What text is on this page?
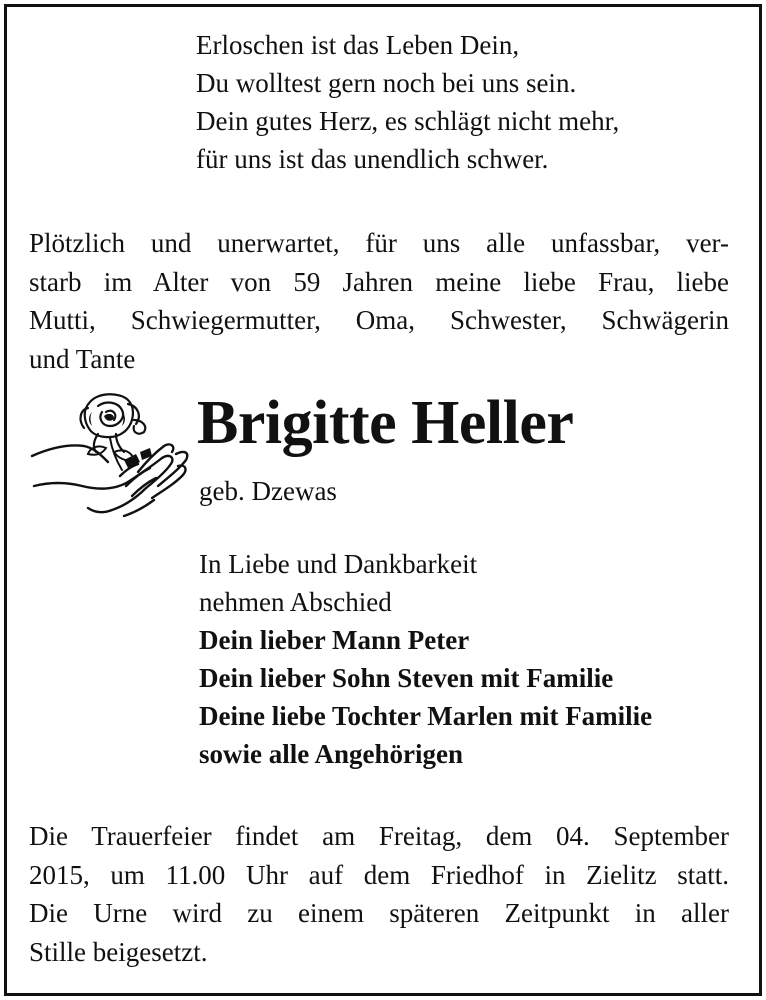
Erloschen ist das Leben Dein,
Du wolltest gern noch bei uns sein.
Dein gutes Herz, es schlägt nicht mehr,
für uns ist das unendlich schwer.
Plötzlich und unerwartet, für uns alle unfassbar, ver-
starb im Alter von 59 Jahren meine liebe Frau, liebe
Mutti, Schwiegermutter, Oma, Schwester, Schwägerin
und Tante
Brigitte Heller
geb. Dzewas
In Liebe und Dankbarkeit
nehmen Abschied
Dein lieber Mann Peter
Dein lieber Sohn Steven mit Familie
Deine liebe Tochter Marlen mit Familie
sowie alle Angehörigen
Die Trauerfeier findet am Freitag, dem 04. September
2015, um 11.00 Uhr auf dem Friedhof in Zielitz statt.
Die Urne wird zu einem späteren Zeitpunkt in aller
Stille beigesetzt.
